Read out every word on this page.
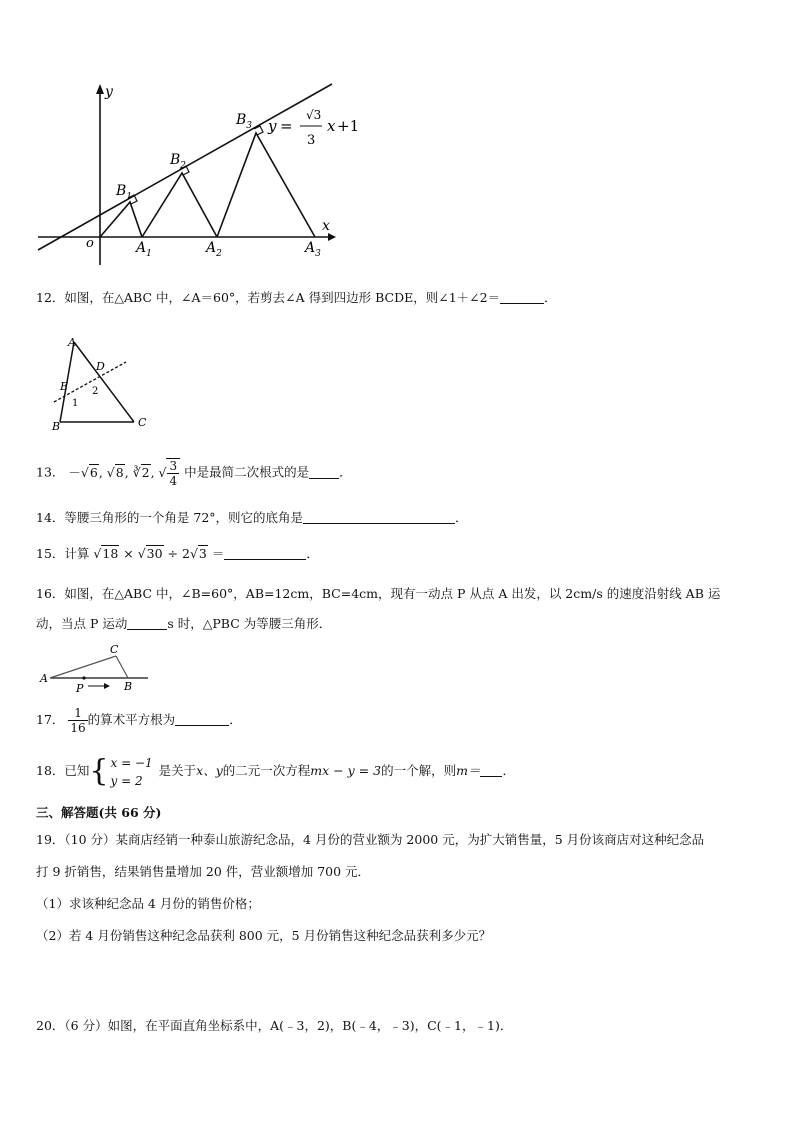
y
x
o
$B_1$
$B_2$
$B_3$
$A_1$	$A_2$	$A_3$
y =
√3
3
x +1
12．如图，在△ABC 中，∠A＝60°，若剪去∠A 得到四边形 BCDE，则∠1＋∠2＝	．
A
D
E
1
2
B	C
13． －√6, √8, ∛2, √ $\frac{3}{4}$ 中是最简二次根式的是 ．
14．等腰三角形的一个角是 72°，则它的底角是	．
15．计算 √18 × √30 ÷ 2√3 ＝	．
16．如图，在△ABC 中，∠B=60°，AB=12cm，BC=4cm，现有一动点 P 从点 A 出发，以 2cm/s 的速度沿射线 AB 运
动，当点 P 运动	s 时，△PBC 为等腰三角形．
A
C
P	B
17． $\frac{1}{16}$ 的算术平方根为	．
18．已知{ x = −1
y = 2
是关于x、y的二元一次方程mx − y = 3的一个解，则m＝ ．
三、解答题(共 66 分)
19．（10 分）某商店经销一种泰山旅游纪念品，4 月份的营业额为 2000 元，为扩大销售量，5 月份该商店对这种纪念品
打 9 折销售，结果销售量增加 20 件，营业额增加 700 元．
（1）求该种纪念品 4 月份的销售价格；
（2）若 4 月份销售这种纪念品获利 800 元，5 月份销售这种纪念品获利多少元？
20．（6 分）如图，在平面直角坐标系中，A(﹣3，2)，B(﹣4，﹣3)，C(﹣1，﹣1)．
